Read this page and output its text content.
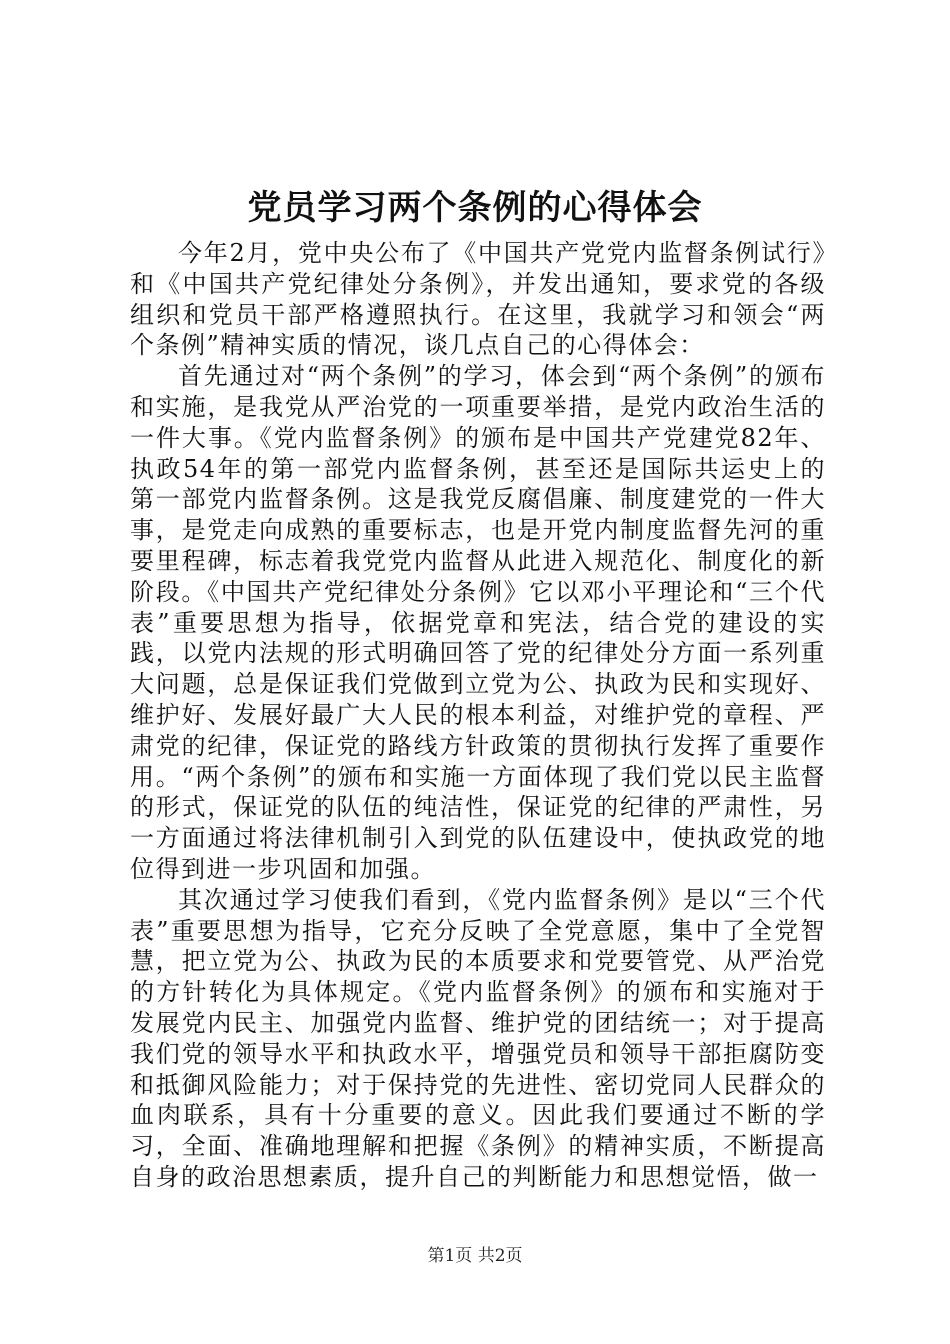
党员学习两个条例的心得体会

今年2月，党中央公布了《中国共产党党内监督条例试行》和《中国共产党纪律处分条例》，并发出通知，要求党的各级组织和党员干部严格遵照执行。在这里，我就学习和领会“两个条例”精神实质的情况，谈几点自己的心得体会：

首先通过对“两个条例”的学习，体会到“两个条例”的颁布和实施，是我党从严治党的一项重要举措，是党内政治生活的一件大事。《党内监督条例》的颁布是中国共产党建党82年、执政54年的第一部党内监督条例，甚至还是国际共运史上的第一部党内监督条例。这是我党反腐倡廉、制度建党的一件大事，是党走向成熟的重要标志，也是开党内制度监督先河的重要里程碑，标志着我党党内监督从此进入规范化、制度化的新阶段。《中国共产党纪律处分条例》它以邓小平理论和“三个代表”重要思想为指导，依据党章和宪法，结合党的建设的实践，以党内法规的形式明确回答了党的纪律处分方面一系列重大问题，总是保证我们党做到立党为公、执政为民和实现好、维护好、发展好最广大人民的根本利益，对维护党的章程、严肃党的纪律，保证党的路线方针政策的贯彻执行发挥了重要作用。“两个条例”的颁布和实施一方面体现了我们党以民主监督的形式，保证党的队伍的纯洁性，保证党的纪律的严肃性，另一方面通过将法律机制引入到党的队伍建设中，使执政党的地位得到进一步巩固和加强。

其次通过学习使我们看到，《党内监督条例》是以“三个代表”重要思想为指导，它充分反映了全党意愿，集中了全党智慧，把立党为公、执政为民的本质要求和党要管党、从严治党的方针转化为具体规定。《党内监督条例》的颁布和实施对于发展党内民主、加强党内监督、维护党的团结统一；对于提高我们党的领导水平和执政水平，增强党员和领导干部拒腐防变和抵御风险能力；对于保持党的先进性、密切党同人民群众的血肉联系，具有十分重要的意义。因此我们要通过不断的学习，全面、准确地理解和把握《条例》的精神实质，不断提高自身的政治思想素质，提升自己的判断能力和思想觉悟，做一

第1页 共2页
